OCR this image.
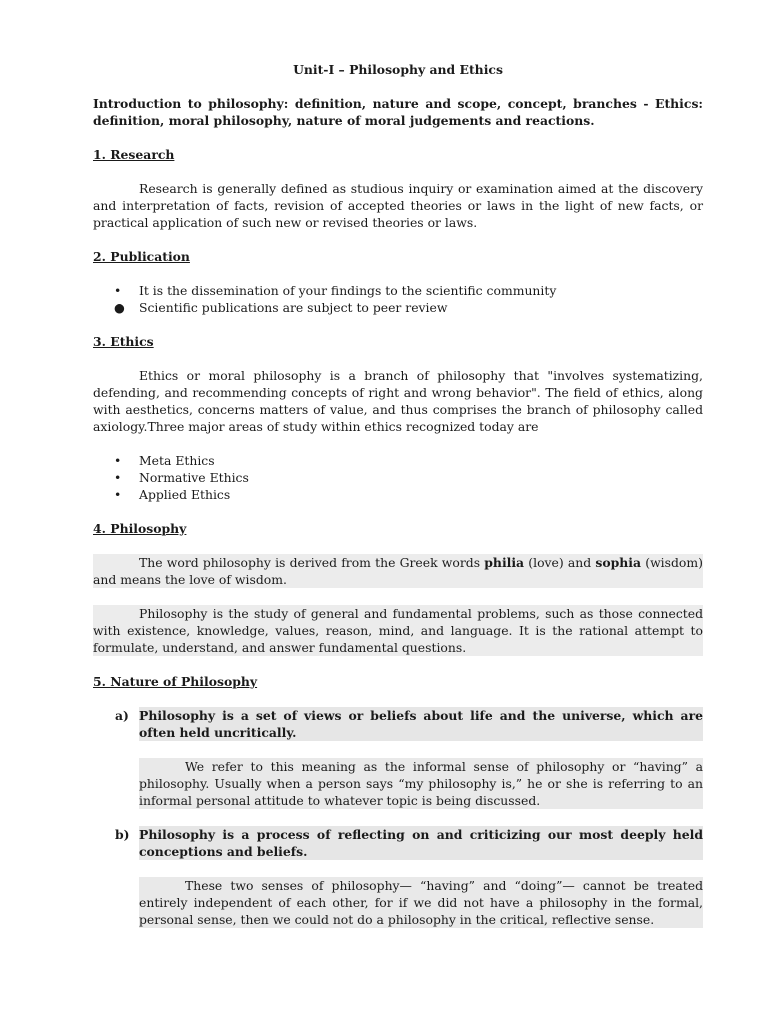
Unit-I – Philosophy and Ethics

Introduction to philosophy: definition, nature and scope, concept, branches - Ethics: definition, moral philosophy, nature of moral judgements and reactions.

1. Research

Research is generally defined as studious inquiry or examination aimed at the discovery and interpretation of facts, revision of accepted theories or laws in the light of new facts, or practical application of such new or revised theories or laws.

2. Publication

• It is the dissemination of your findings to the scientific community
● Scientific publications are subject to peer review

3. Ethics

Ethics or moral philosophy is a branch of philosophy that "involves systematizing, defending, and recommending concepts of right and wrong behavior". The field of ethics, along with aesthetics, concerns matters of value, and thus comprises the branch of philosophy called axiology.Three major areas of study within ethics recognized today are

• Meta Ethics
• Normative Ethics
• Applied Ethics

4. Philosophy

The word philosophy is derived from the Greek words philia (love) and sophia (wisdom) and means the love of wisdom.

Philosophy is the study of general and fundamental problems, such as those connected with existence, knowledge, values, reason, mind, and language. It is the rational attempt to formulate, understand, and answer fundamental questions.

5. Nature of Philosophy

a) Philosophy is a set of views or beliefs about life and the universe, which are often held uncritically.

We refer to this meaning as the informal sense of philosophy or “having” a philosophy. Usually when a person says “my philosophy is,” he or she is referring to an informal personal attitude to whatever topic is being discussed.

b) Philosophy is a process of reflecting on and criticizing our most deeply held conceptions and beliefs.

These two senses of philosophy— “having” and “doing”— cannot be treated entirely independent of each other, for if we did not have a philosophy in the formal, personal sense, then we could not do a philosophy in the critical, reflective sense.
